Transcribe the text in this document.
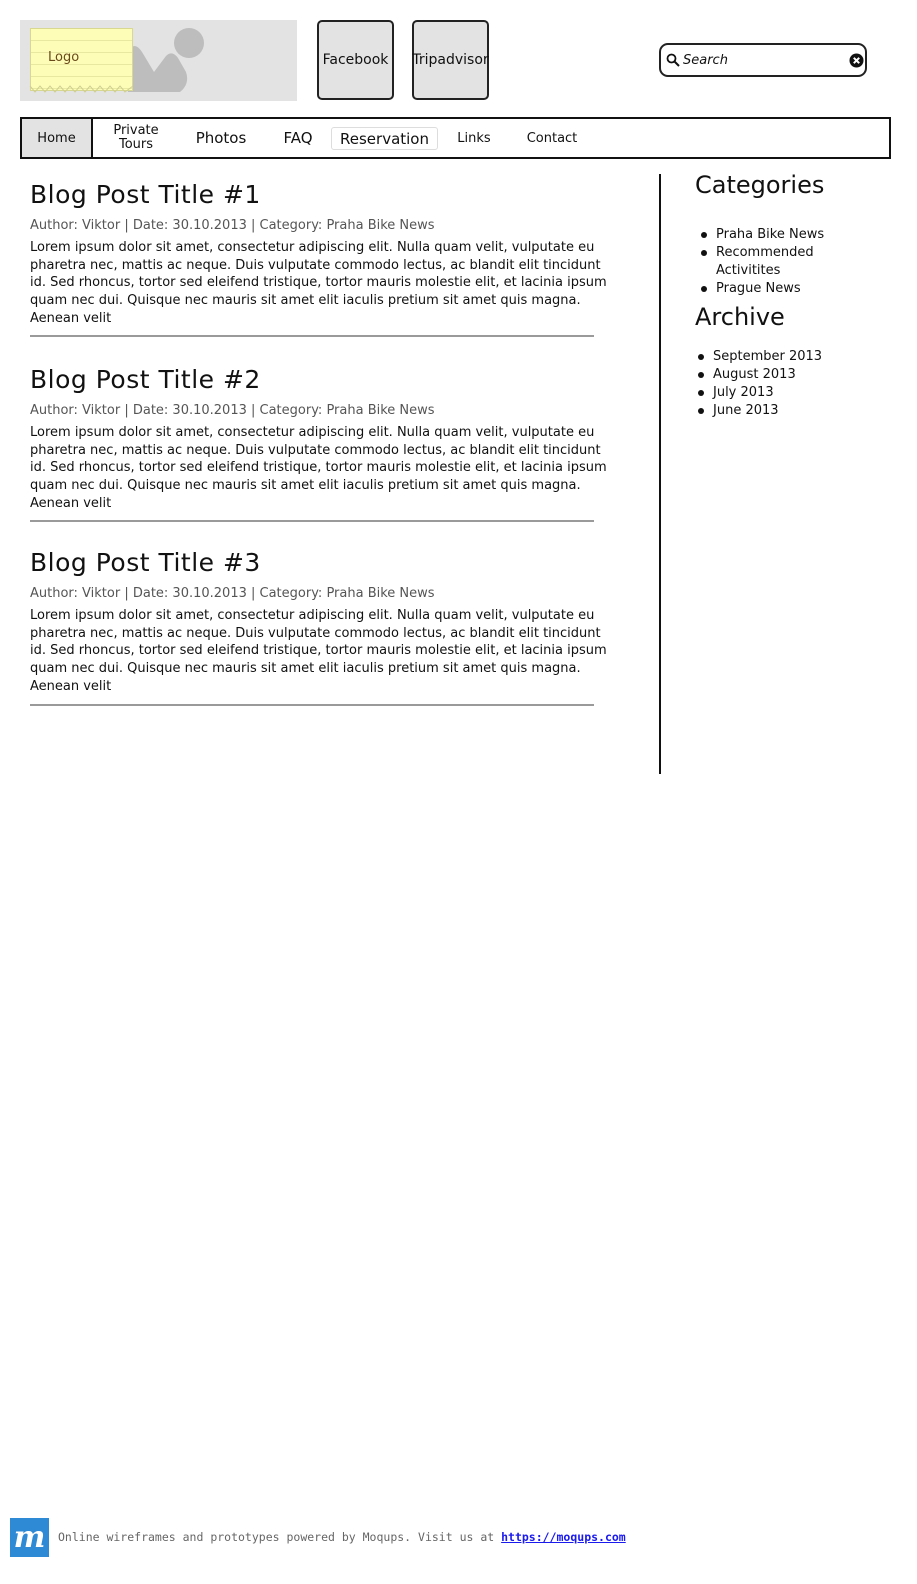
Logo	Facebook	Tripadvisor
Search
Home	Private Tours	Photos	FAQ	Reservation	Links	Contact
Blog Post Title #1
Author: Viktor | Date: 30.10.2013 | Category: Praha Bike News
Lorem ipsum dolor sit amet, consectetur adipiscing elit. Nulla quam velit, vulputate eu pharetra nec, mattis ac neque. Duis vulputate commodo lectus, ac blandit elit tincidunt id. Sed rhoncus, tortor sed eleifend tristique, tortor mauris molestie elit, et lacinia ipsum quam nec dui. Quisque nec mauris sit amet elit iaculis pretium sit amet quis magna. Aenean velit
Blog Post Title #2
Author: Viktor | Date: 30.10.2013 | Category: Praha Bike News
Lorem ipsum dolor sit amet, consectetur adipiscing elit. Nulla quam velit, vulputate eu pharetra nec, mattis ac neque. Duis vulputate commodo lectus, ac blandit elit tincidunt id. Sed rhoncus, tortor sed eleifend tristique, tortor mauris molestie elit, et lacinia ipsum quam nec dui. Quisque nec mauris sit amet elit iaculis pretium sit amet quis magna. Aenean velit
Blog Post Title #3
Author: Viktor | Date: 30.10.2013 | Category: Praha Bike News
Lorem ipsum dolor sit amet, consectetur adipiscing elit. Nulla quam velit, vulputate eu pharetra nec, mattis ac neque. Duis vulputate commodo lectus, ac blandit elit tincidunt id. Sed rhoncus, tortor sed eleifend tristique, tortor mauris molestie elit, et lacinia ipsum quam nec dui. Quisque nec mauris sit amet elit iaculis pretium sit amet quis magna. Aenean velit
Categories
Praha Bike News
Recommended Activitites
Prague News
Archive
September 2013
August 2013
July 2013
June 2013
m	Online wireframes and prototypes powered by Moqups. Visit us at https://moqups.com
